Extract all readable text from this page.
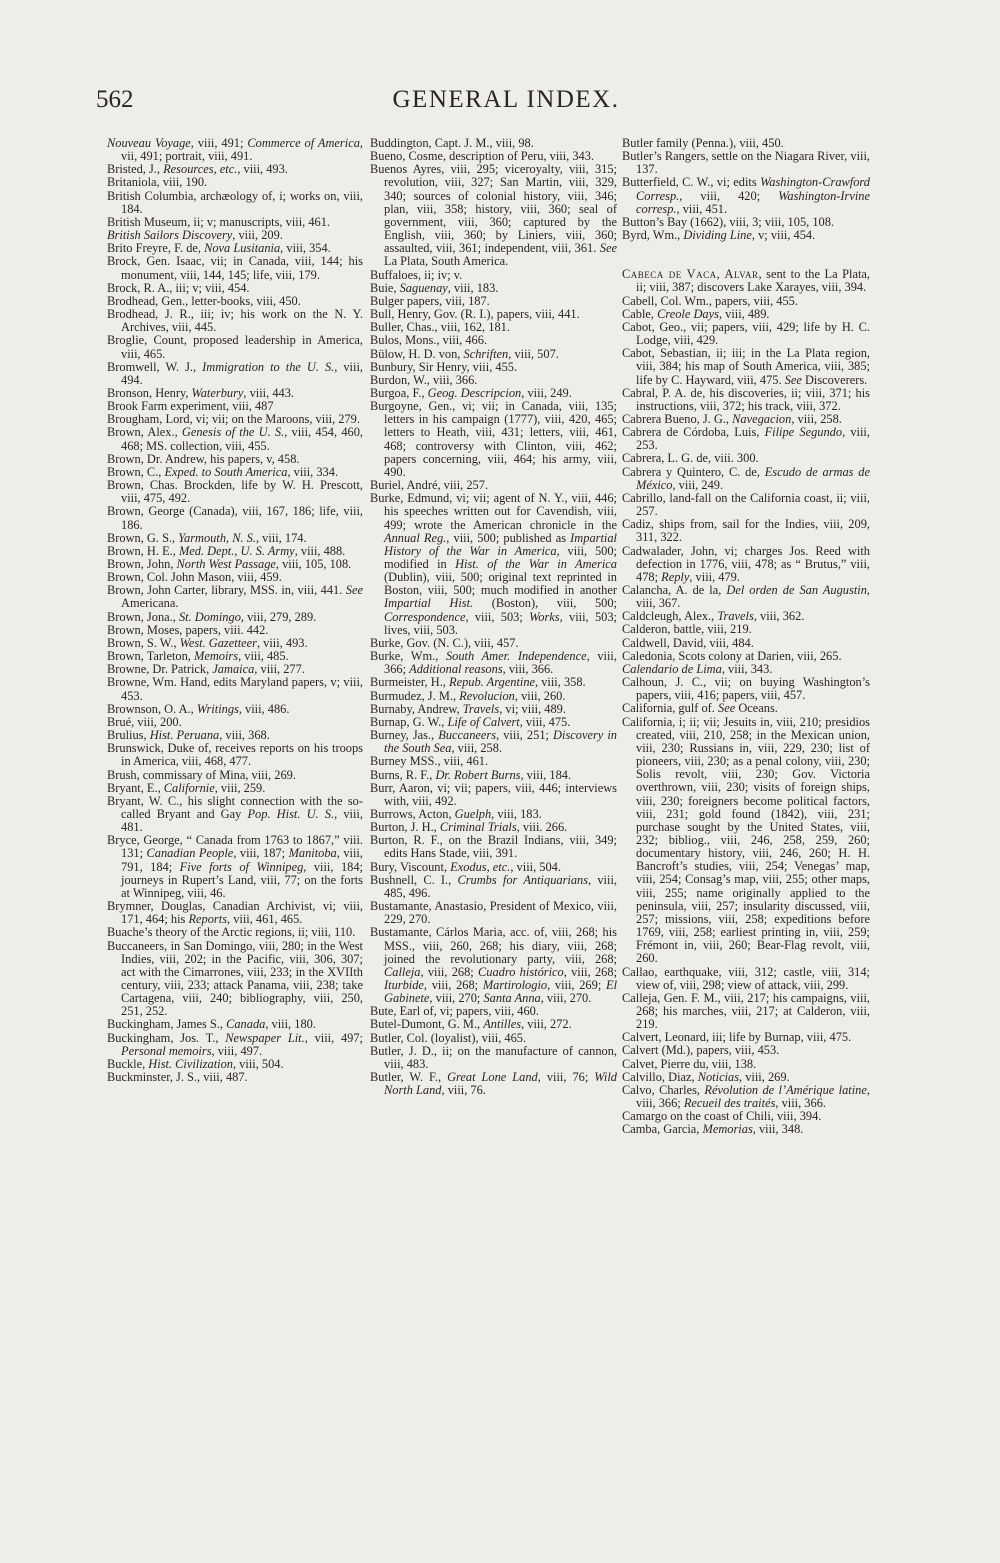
562	GENERAL INDEX.
Nouveau Voyage, viii, 491; Commerce of America, vii, 491; portrait, viii, 491.
Bristed, J., Resources, etc., viii, 493.
Britaniola, viii, 190.
British Columbia, archæology of, i; works on, viii, 184.
British Museum, ii; v; manuscripts, viii, 461.
British Sailors Discovery, viii, 209.
Brito Freyre, F. de, Nova Lusitania, viii, 354.
Brock, Gen. Isaac, vii; in Canada, viii, 144; his monument, viii, 144, 145; life, viii, 179.
Brock, R. A., iii; v; viii, 454.
Brodhead, Gen., letter-books, viii, 450.
Brodhead, J. R., iii; iv; his work on the N. Y. Archives, viii, 445.
Broglie, Count, proposed leadership in America, viii, 465.
Bromwell, W. J., Immigration to the U. S., viii, 494.
Bronson, Henry, Waterbury, viii, 443.
Brook Farm experiment, viii, 487
Brougham, Lord, vi; vii; on the Maroons, viii, 279.
Brown, Alex., Genesis of the U. S., viii, 454, 460, 468; MS. collection, viii, 455.
Brown, Dr. Andrew, his papers, v, 458.
Brown, C., Exped. to South America, viii, 334.
Brown, Chas. Brockden, life by W. H. Prescott, viii, 475, 492.
Brown, George (Canada), viii, 167, 186; life, viii, 186.
Brown, G. S., Yarmouth, N. S., viii, 174.
Brown, H. E., Med. Dept., U. S. Army, viii, 488.
Brown, John, North West Passage, viii, 105, 108.
Brown, Col. John Mason, viii, 459.
Brown, John Carter, library, MSS. in, viii, 441. See Americana.
Brown, Jona., St. Domingo, viii, 279, 289.
Brown, Moses, papers, viii. 442.
Brown, S. W., West. Gazetteer, viii, 493.
Brown, Tarleton, Memoirs, viii, 485.
Browne, Dr. Patrick, Jamaica, viii, 277.
Browne, Wm. Hand, edits Maryland papers, v; viii, 453.
Brownson, O. A., Writings, viii, 486.
Brué, viii, 200.
Brulius, Hist. Peruana, viii, 368.
Brunswick, Duke of, receives reports on his troops in America, viii, 468, 477.
Brush, commissary of Mina, viii, 269.
Bryant, E., Californie, viii, 259.
Bryant, W. C., his slight connection with the so-called Bryant and Gay Pop. Hist. U. S., viii, 481.
Bryce, George, “ Canada from 1763 to 1867,” viii. 131; Canadian People, viii, 187; Manitoba, viii, 791, 184; Five forts of Winnipeg, viii, 184; journeys in Rupert’s Land, viii, 77; on the forts at Winnipeg, viii, 46.
Brymner, Douglas, Canadian Archivist, vi; viii, 171, 464; his Reports, viii, 461, 465.
Buache’s theory of the Arctic regions, ii; viii, 110.
Buccaneers, in San Domingo, viii, 280; in the West Indies, viii, 202; in the Pacific, viii, 306, 307; act with the Cimarrones, viii, 233; in the XVIIth century, viii, 233; attack Panama, viii, 238; take Cartagena, viii, 240; bibliography, viii, 250, 251, 252.
Buckingham, James S., Canada, viii, 180.
Buckingham, Jos. T., Newspaper Lit., viii, 497; Personal memoirs, viii, 497.
Buckle, Hist. Civilization, viii, 504.
Buckminster, J. S., viii, 487.
Buddington, Capt. J. M., viii, 98.
Bueno, Cosme, description of Peru, viii, 343.
Buenos Ayres, viii, 295; viceroyalty, viii, 315; revolution, viii, 327; San Martin, viii, 329, 340; sources of colonial history, viii, 346; plan, viii, 358; history, viii, 360; seal of government, viii, 360; captured by the English, viii, 360; by Liniers, viii, 360; assaulted, viii, 361; independent, viii, 361. See La Plata, South America.
Buffaloes, ii; iv; v.
Buie, Saguenay, viii, 183.
Bulger papers, viii, 187.
Bull, Henry, Gov. (R. I.), papers, viii, 441.
Buller, Chas., viii, 162, 181.
Bulos, Mons., viii, 466.
Bülow, H. D. von, Schriften, viii, 507.
Bunbury, Sir Henry, viii, 455.
Burdon, W., viii, 366.
Burgoa, F., Geog. Descripcion, viii, 249.
Burgoyne, Gen., vi; vii; in Canada, viii, 135; letters in his campaign (1777), viii, 420, 465; letters to Heath, viii, 431; letters, viii, 461, 468; controversy with Clinton, viii, 462; papers concerning, viii, 464; his army, viii, 490.
Buriel, André, viii, 257.
Burke, Edmund, vi; vii; agent of N. Y., viii, 446; his speeches written out for Cavendish, viii, 499; wrote the American chronicle in the Annual Reg., viii, 500; published as Impartial History of the War in America, viii, 500; modified in Hist. of the War in America (Dublin), viii, 500; original text reprinted in Boston, viii, 500; much modified in another Impartial Hist. (Boston), viii, 500; Correspondence, viii, 503; Works, viii, 503; lives, viii, 503.
Burke, Gov. (N. C.), viii, 457.
Burke, Wm., South Amer. Independence, viii, 366; Additional reasons, viii, 366.
Burmeister, H., Repub. Argentine, viii, 358.
Burmudez, J. M., Revolucion, viii, 260.
Burnaby, Andrew, Travels, vi; viii, 489.
Burnap, G. W., Life of Calvert, viii, 475.
Burney, Jas., Buccaneers, viii, 251; Discovery in the South Sea, viii, 258.
Burney MSS., viii, 461.
Burns, R. F., Dr. Robert Burns, viii, 184.
Burr, Aaron, vi; vii; papers, viii, 446; interviews with, viii, 492.
Burrows, Acton, Guelph, viii, 183.
Burton, J. H., Criminal Trials, viii. 266.
Burton, R. F., on the Brazil Indians, viii, 349; edits Hans Stade, viii, 391.
Bury, Viscount, Exodus, etc., viii, 504.
Bushnell, C. I., Crumbs for Antiquarians, viii, 485, 496.
Bustamante, Anastasio, President of Mexico, viii, 229, 270.
Bustamante, Cárlos Maria, acc. of, viii, 268; his MSS., viii, 260, 268; his diary, viii, 268; joined the revolutionary party, viii, 268; Calleja, viii, 268; Cuadro histórico, viii, 268; Iturbide, viii, 268; Martirologio, viii, 269; El Gabinete, viii, 270; Santa Anna, viii, 270.
Bute, Earl of, vi; papers, viii, 460.
Butel-Dumont, G. M., Antilles, viii, 272.
Butler, Col. (loyalist), viii, 465.
Butler, J. D., ii; on the manufacture of cannon, viii, 483.
Butler, W. F., Great Lone Land, viii, 76; Wild North Land, viii, 76.
Butler family (Penna.), viii, 450.
Butler’s Rangers, settle on the Niagara River, viii, 137.
Butterfield, C. W., vi; edits Washington-Crawford Corresp., viii, 420; Washington-Irvine corresp., viii, 451.
Button’s Bay (1662), viii, 3; viii, 105, 108.
Byrd, Wm., Dividing Line, v; viii, 454.
Cabeca de Vaca, Alvar, sent to the La Plata, ii; viii, 387; discovers Lake Xarayes, viii, 394.
Cabell, Col. Wm., papers, viii, 455.
Cable, Creole Days, viii, 489.
Cabot, Geo., vii; papers, viii, 429; life by H. C. Lodge, viii, 429.
Cabot, Sebastian, ii; iii; in the La Plata region, viii, 384; his map of South America, viii, 385; life by C. Hayward, viii, 475. See Discoverers.
Cabral, P. A. de, his discoveries, ii; viii, 371; his instructions, viii, 372; his track, viii, 372.
Cabrera Bueno, J. G., Navegacion, viii, 258.
Cabrera de Córdoba, Luis, Filipe Segundo, viii, 253.
Cabrera, L. G. de, viii. 300.
Cabrera y Quintero, C. de, Escudo de armas de México, viii, 249.
Cabrillo, land-fall on the California coast, ii; viii, 257.
Cadiz, ships from, sail for the Indies, viii, 209, 311, 322.
Cadwalader, John, vi; charges Jos. Reed with defection in 1776, viii, 478; as “ Brutus,” viii, 478; Reply, viii, 479.
Calancha, A. de la, Del orden de San Augustin, viii, 367.
Caldcleugh, Alex., Travels, viii, 362.
Calderon, battle, viii, 219.
Caldwell, David, viii, 484.
Caledonia, Scots colony at Darien, viii, 265.
Calendario de Lima, viii, 343.
Calhoun, J. C., vii; on buying Washington’s papers, viii, 416; papers, viii, 457.
California, gulf of. See Oceans.
California, i; ii; vii; Jesuits in, viii, 210; presidios created, viii, 210, 258; in the Mexican union, viii, 230; Russians in, viii, 229, 230; list of pioneers, viii, 230; as a penal colony, viii, 230; Solis revolt, viii, 230; Gov. Victoria overthrown, viii, 230; visits of foreign ships, viii, 230; foreigners become political factors, viii, 231; gold found (1842), viii, 231; purchase sought by the United States, viii, 232; bibliog., viii, 246, 258, 259, 260; documentary history, viii, 246, 260; H. H. Bancroft’s studies, viii, 254; Venegas’ map, viii, 254; Consag’s map, viii, 255; other maps, viii, 255; name originally applied to the peninsula, viii, 257; insularity discussed, viii, 257; missions, viii, 258; expeditions before 1769, viii, 258; earliest printing in, viii, 259; Frémont in, viii, 260; Bear-Flag revolt, viii, 260.
Callao, earthquake, viii, 312; castle, viii, 314; view of, viii, 298; view of attack, viii, 299.
Calleja, Gen. F. M., viii, 217; his campaigns, viii, 268; his marches, viii, 217; at Calderon, viii, 219.
Calvert, Leonard, iii; life by Burnap, viii, 475.
Calvert (Md.), papers, viii, 453.
Calvet, Pierre du, viii, 138.
Calvillo, Diaz, Noticias, viii, 269.
Calvo, Charles, Révolution de l’Amérique latine, viii, 366; Recueil des traités, viii, 366.
Camargo on the coast of Chili, viii, 394.
Camba, Garcia, Memorias, viii, 348.
